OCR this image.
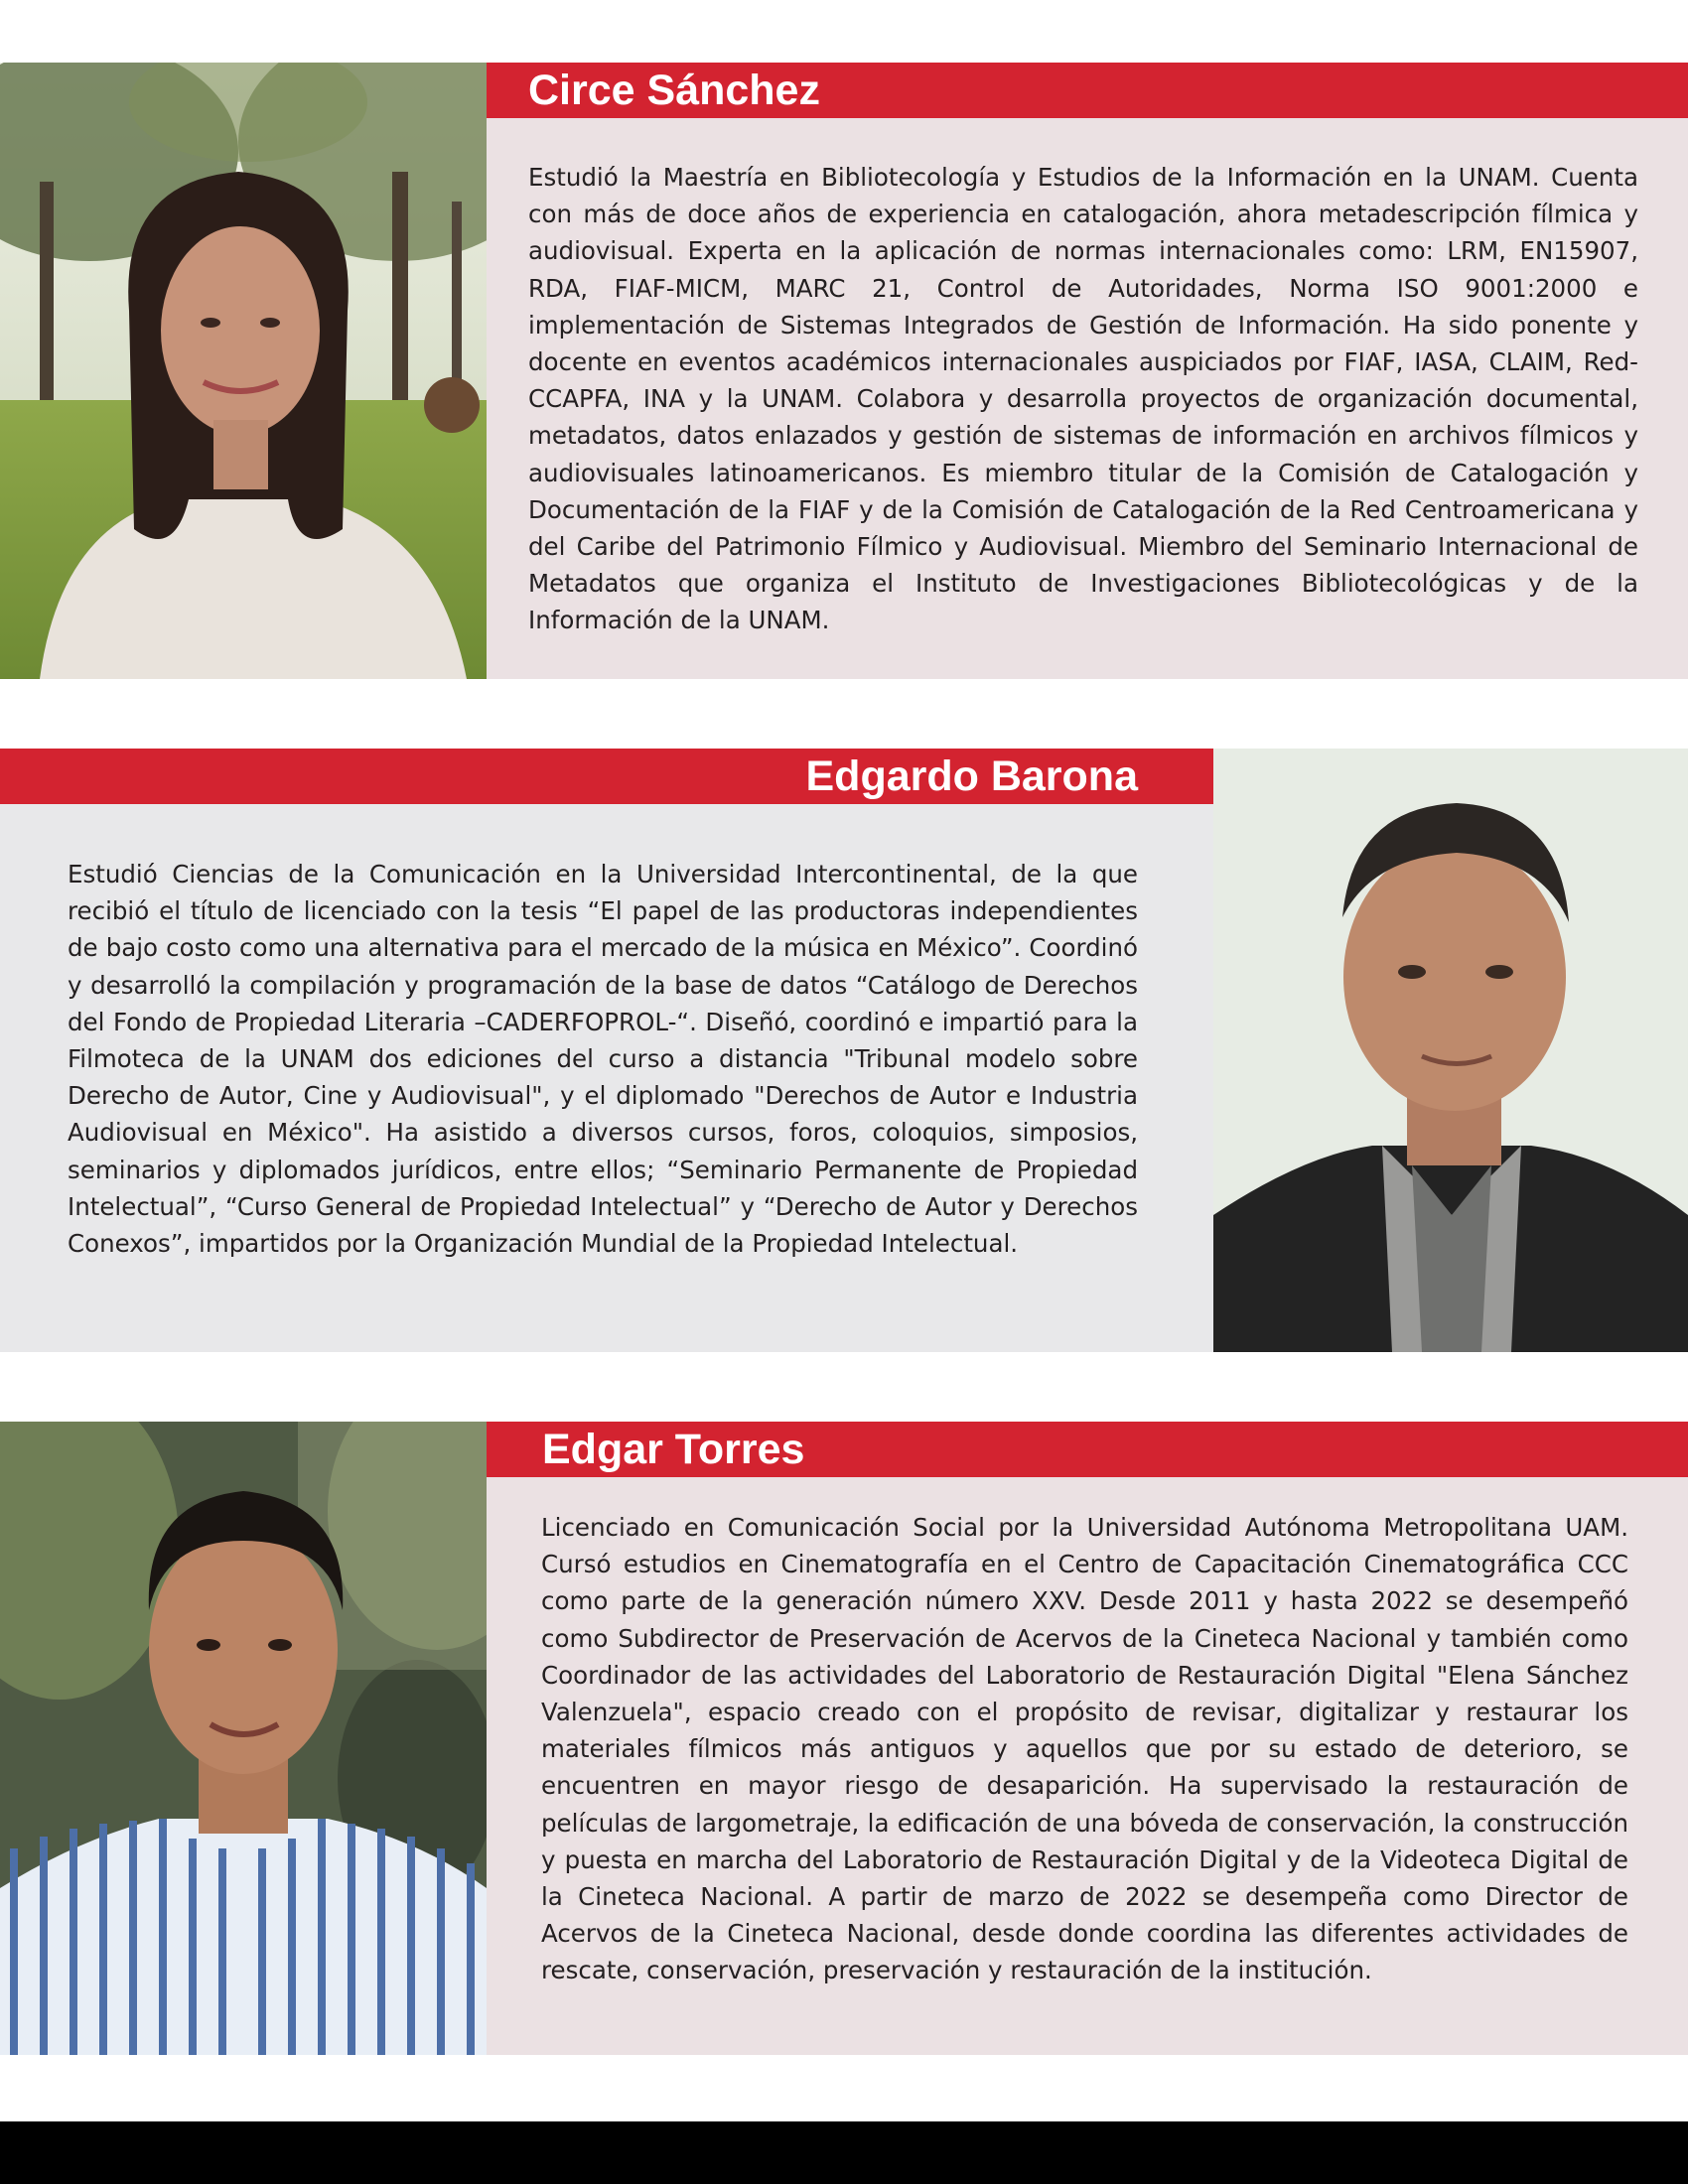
Circe Sánchez

Estudió la Maestría en Bibliotecología y Estudios de la Información en la UNAM. Cuenta con más de doce años de experiencia en catalogación, ahora metadescripción fílmica y audiovisual. Experta en la aplicación de normas internacionales como: LRM, EN15907, RDA, FIAF-MICM, MARC 21, Control de Autoridades, Norma ISO 9001:2000 e implementación de Sistemas Integrados de Gestión de Información. Ha sido ponente y docente en eventos académicos internacionales auspiciados por FIAF, IASA, CLAIM, Red-CCAPFA, INA y la UNAM. Colabora y desarrolla proyectos de organización documental, metadatos, datos enlazados y gestión de sistemas de información en archivos fílmicos y audiovisuales latinoamericanos. Es miembro titular de la Comisión de Catalogación y Documentación de la FIAF y de la Comisión de Catalogación de la Red Centroamericana y del Caribe del Patrimonio Fílmico y Audiovisual. Miembro del Seminario Internacional de Metadatos que organiza el Instituto de Investigaciones Bibliotecológicas y de la Información de la UNAM.

Edgardo Barona

Estudió Ciencias de la Comunicación en la Universidad Intercontinental, de la que recibió el título de licenciado con la tesis “El papel de las productoras independientes de bajo costo como una alternativa para el mercado de la música en México”. Coordinó y desarrolló la compilación y programación de la base de datos “Catálogo de Derechos del Fondo de Propiedad Literaria –CADERFOPROL-“. Diseñó, coordinó e impartió para la Filmoteca de la UNAM dos ediciones del curso a distancia "Tribunal modelo sobre Derecho de Autor, Cine y Audiovisual", y el diplomado "Derechos de Autor e Industria Audiovisual en México". Ha asistido a diversos cursos, foros, coloquios, simposios, seminarios y diplomados jurídicos, entre ellos; “Seminario Permanente de Propiedad Intelectual”, “Curso General de Propiedad Intelectual” y “Derecho de Autor y Derechos Conexos”, impartidos por la Organización Mundial de la Propiedad Intelectual.

Edgar Torres

Licenciado en Comunicación Social por la Universidad Autónoma Metropolitana UAM. Cursó estudios en Cinematografía en el Centro de Capacitación Cinematográfica CCC como parte de la generación número XXV. Desde 2011 y hasta 2022 se desempeñó como Subdirector de Preservación de Acervos de la Cineteca Nacional y también como Coordinador de las actividades del Laboratorio de Restauración Digital "Elena Sánchez Valenzuela", espacio creado con el propósito de revisar, digitalizar y restaurar los materiales fílmicos más antiguos y aquellos que por su estado de deterioro, se encuentren en mayor riesgo de desaparición. Ha supervisado la restauración de películas de largometraje, la edificación de una bóveda de conservación, la construcción y puesta en marcha del Laboratorio de Restauración Digital y de la Videoteca Digital de la Cineteca Nacional. A partir de marzo de 2022 se desempeña como Director de Acervos de la Cineteca Nacional, desde donde coordina las diferentes actividades de rescate, conservación, preservación y restauración de la institución.
